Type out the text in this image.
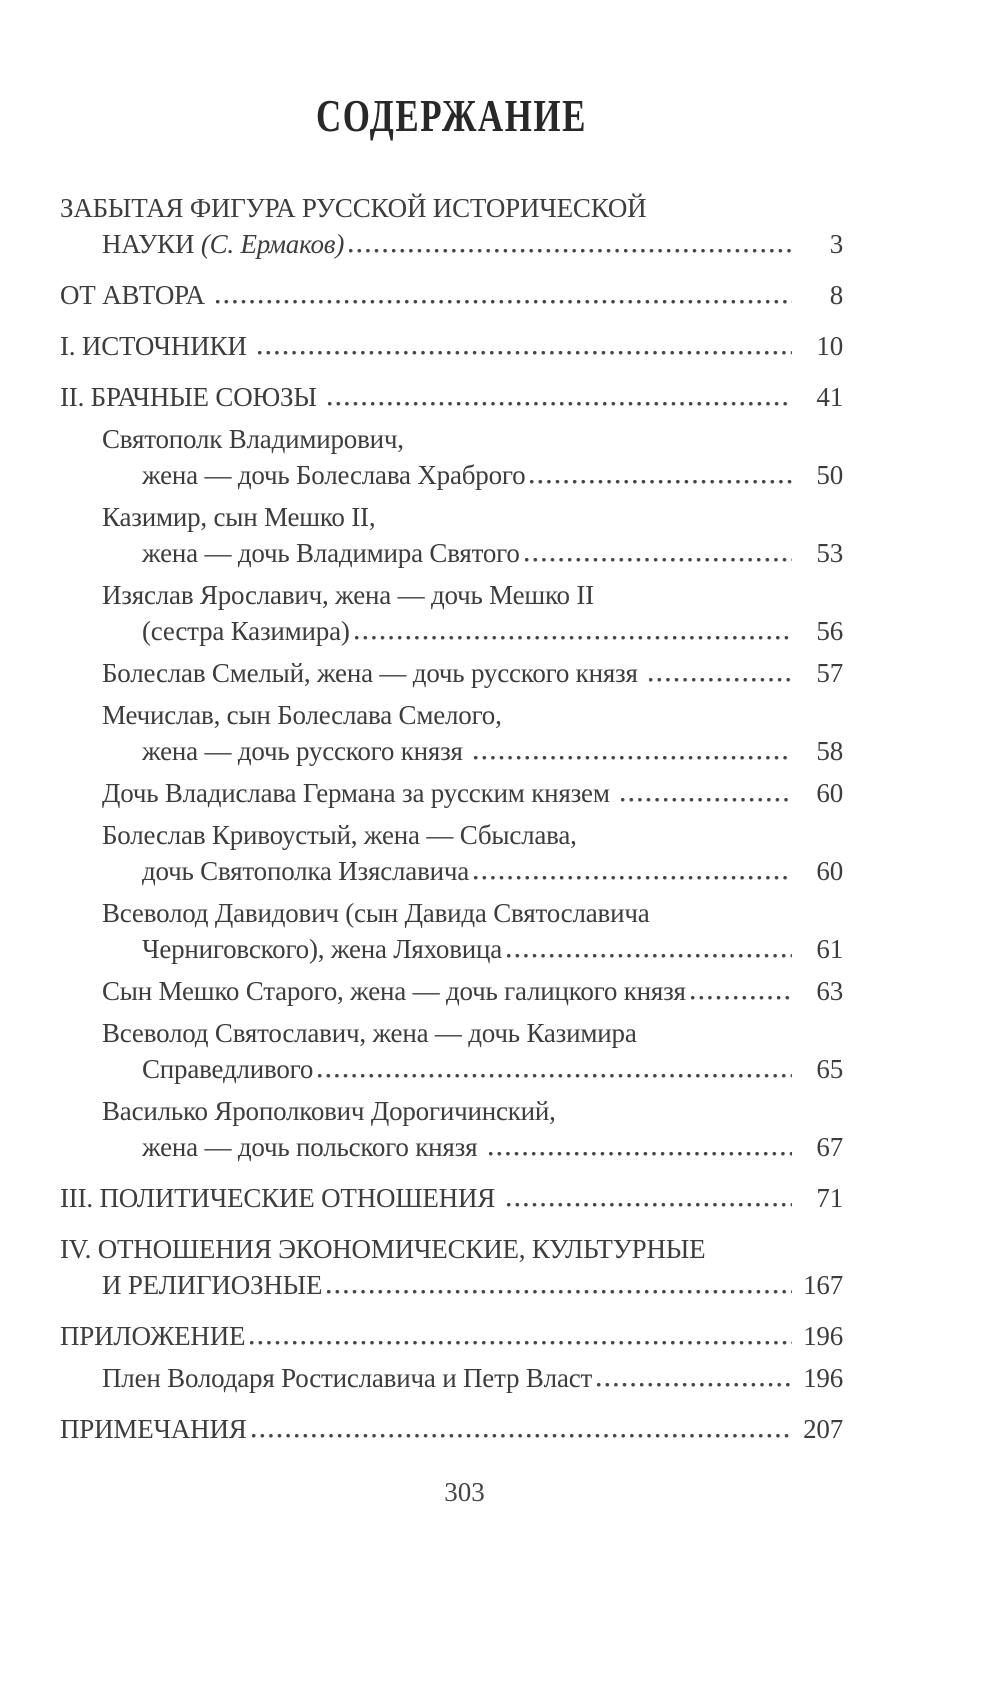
СОДЕРЖАНИЕ
ЗАБЫТАЯ ФИГУРА РУССКОЙ ИСТОРИЧЕСКОЙ
НАУКИ (С. Ермаков)	3
ОТ АВТОРА	8
I. ИСТОЧНИКИ	10
II. БРАЧНЫЕ СОЮЗЫ	41
Святополк Владимирович,
жена — дочь Болеслава Храброго	50
Казимир, сын Мешко II,
жена — дочь Владимира Святого	53
Изяслав Ярославич, жена — дочь Мешко II
(сестра Казимира)	56
Болеслав Смелый, жена — дочь русского князя	57
Мечислав, сын Болеслава Смелого,
жена — дочь русского князя	58
Дочь Владислава Германа за русским князем	60
Болеслав Кривоустый, жена — Сбыслава,
дочь Святополка Изяславича	60
Всеволод Давидович (сын Давида Святославича
Черниговского), жена Ляховица	61
Сын Мешко Старого, жена — дочь галицкого князя	63
Всеволод Святославич, жена — дочь Казимира
Справедливого	65
Василько Ярополкович Дорогичинский,
жена — дочь польского князя	67
III. ПОЛИТИЧЕСКИЕ ОТНОШЕНИЯ	71
IV. ОТНОШЕНИЯ ЭКОНОМИЧЕСКИЕ, КУЛЬТУРНЫЕ
И РЕЛИГИОЗНЫЕ	167
ПРИЛОЖЕНИЕ	196
Плен Володаря Ростиславича и Петр Власт	196
ПРИМЕЧАНИЯ	207
303
